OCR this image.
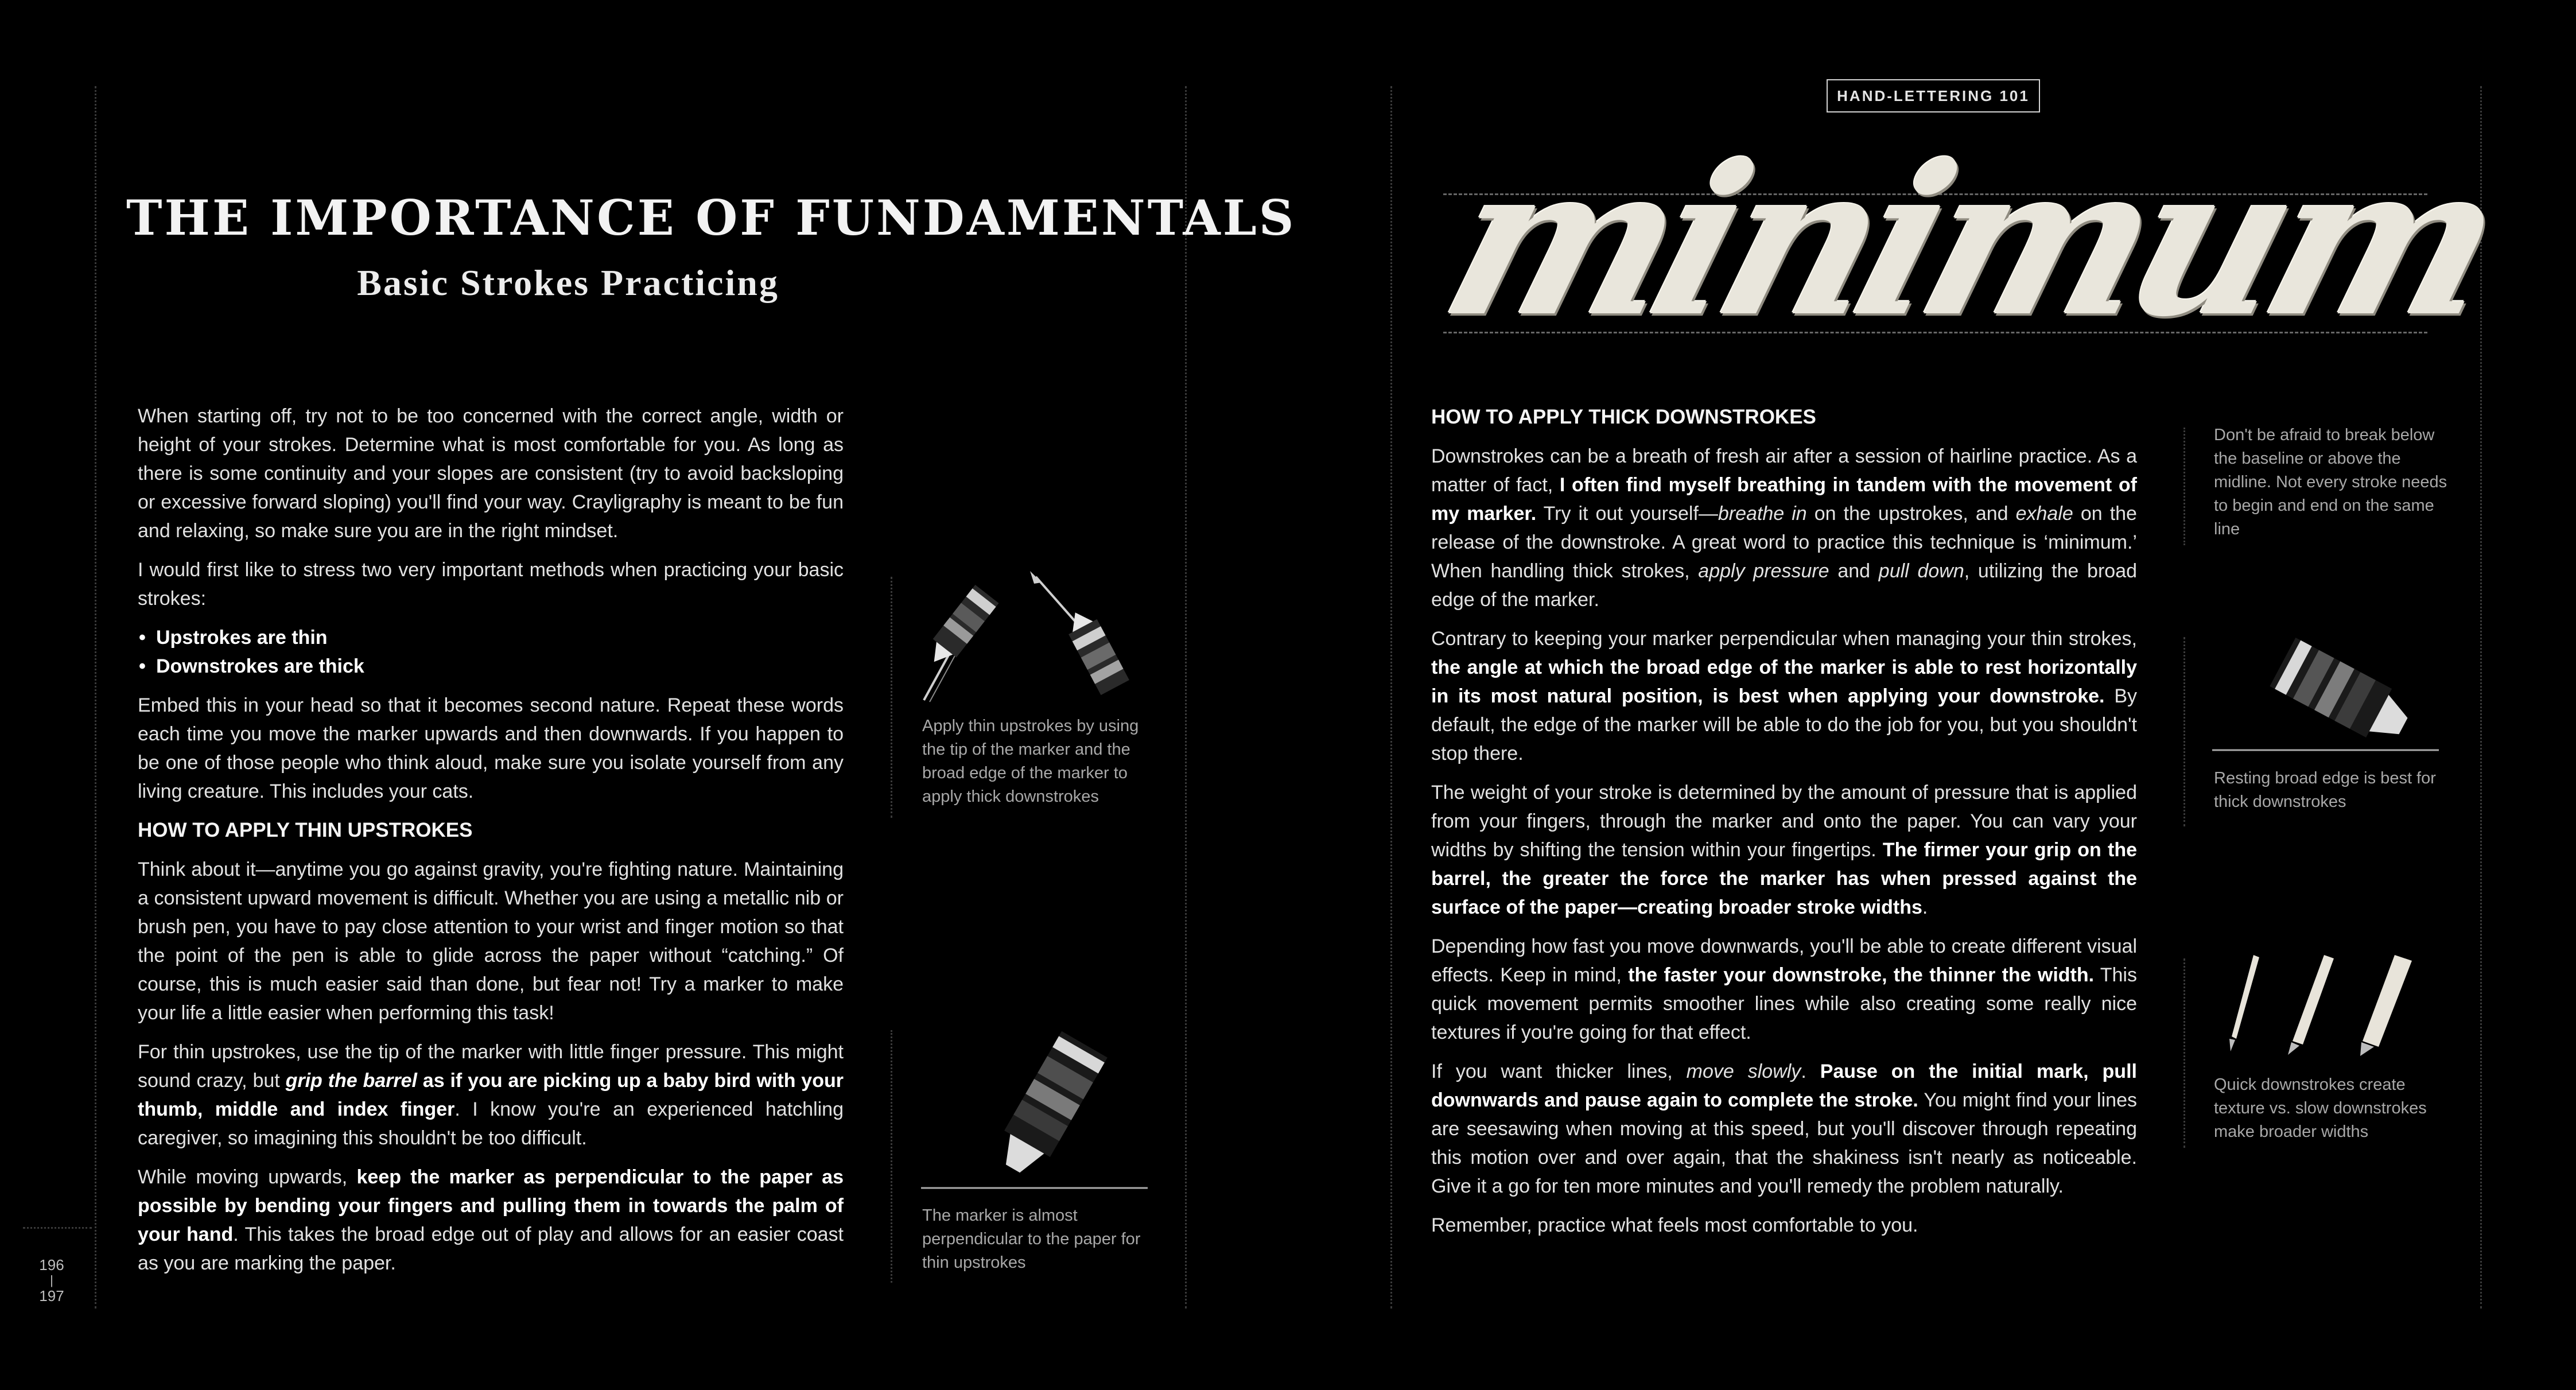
THE IMPORTANCE OF FUNDAMENTALS
Basic Strokes Practicing

When starting off, try not to be too concerned with the correct angle, width or height of your strokes. Determine what is most comfortable for you. As long as there is some continuity and your slopes are consistent (try to avoid backsloping or excessive forward sloping) you'll find your way. Crayligraphy is meant to be fun and relaxing, so make sure you are in the right mindset.

I would first like to stress two very important methods when practicing your basic strokes:

• Upstrokes are thin
• Downstrokes are thick

Embed this in your head so that it becomes second nature. Repeat these words each time you move the marker upwards and then downwards. If you happen to be one of those people who think aloud, make sure you isolate yourself from any living creature. This includes your cats.

HOW TO APPLY THIN UPSTROKES

Think about it—anytime you go against gravity, you're fighting nature. Maintaining a consistent upward movement is difficult. Whether you are using a metallic nib or brush pen, you have to pay close attention to your wrist and finger motion so that the point of the pen is able to glide across the paper without “catching.” Of course, this is much easier said than done, but fear not! Try a marker to make your life a little easier when performing this task!

For thin upstrokes, use the tip of the marker with little finger pressure. This might sound crazy, but grip the barrel as if you are picking up a baby bird with your thumb, middle and index finger. I know you're an experienced hatchling caregiver, so imagining this shouldn't be too difficult.

While moving upwards, keep the marker as perpendicular to the paper as possible by bending your fingers and pulling them in towards the palm of your hand. This takes the broad edge out of play and allows for an easier coast as you are marking the paper.

Apply thin upstrokes by using the tip of the marker and the broad edge of the marker to apply thick downstrokes

The marker is almost perpendicular to the paper for thin upstrokes

196
|
197
HAND-LETTERING 101

minimum

HOW TO APPLY THICK DOWNSTROKES

Downstrokes can be a breath of fresh air after a session of hairline practice. As a matter of fact, I often find myself breathing in tandem with the movement of my marker. Try it out yourself—breathe in on the upstrokes, and exhale on the release of the downstroke. A great word to practice this technique is ‘minimum.’ When handling thick strokes, apply pressure and pull down, utilizing the broad edge of the marker.

Contrary to keeping your marker perpendicular when managing your thin strokes, the angle at which the broad edge of the marker is able to rest horizontally in its most natural position, is best when applying your downstroke. By default, the edge of the marker will be able to do the job for you, but you shouldn't stop there.

The weight of your stroke is determined by the amount of pressure that is applied from your fingers, through the marker and onto the paper. You can vary your widths by shifting the tension within your fingertips. The firmer your grip on the barrel, the greater the force the marker has when pressed against the surface of the paper—creating broader stroke widths.

Depending how fast you move downwards, you'll be able to create different visual effects. Keep in mind, the faster your downstroke, the thinner the width. This quick movement permits smoother lines while also creating some really nice textures if you're going for that effect.

If you want thicker lines, move slowly. Pause on the initial mark, pull downwards and pause again to complete the stroke. You might find your lines are seesawing when moving at this speed, but you'll discover through repeating this motion over and over again, that the shakiness isn't nearly as noticeable. Give it a go for ten more minutes and you'll remedy the problem naturally.

Remember, practice what feels most comfortable to you.

Don't be afraid to break below the baseline or above the midline. Not every stroke needs to begin and end on the same line

Resting broad edge is best for thick downstrokes

Quick downstrokes create texture vs. slow downstrokes make broader widths
